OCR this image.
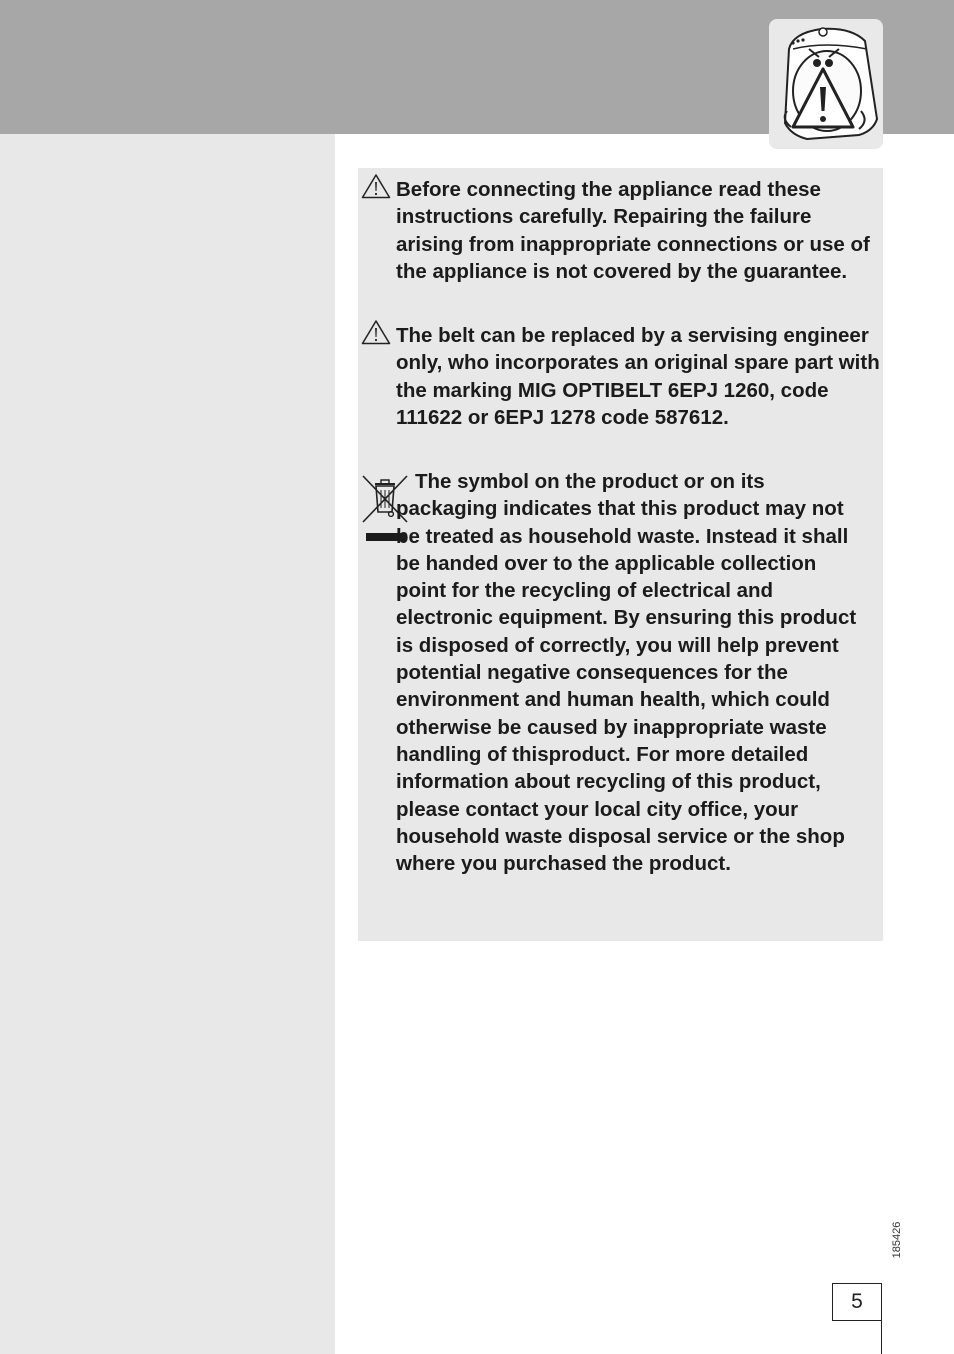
Before connecting the appliance read these instructions carefully. Repairing the failure arising from inappropriate connections or use of the appliance is not covered by the guarantee.

The belt can be replaced by a servising engineer only, who incorporates an original spare part with the marking MIG OPTIBELT 6EPJ 1260, code 111622 or 6EPJ 1278 code 587612.

The symbol on the product or on its packaging indicates that this product may not be treated as household waste. Instead it shall be handed over to the applicable collection point for the recycling of electrical and electronic equipment. By ensuring this product is disposed of correctly, you will help prevent potential negative consequences for the environment and human health, which could otherwise be caused by inappropriate waste handling of thisproduct. For more detailed information about recycling of this product, please contact your local city office, your household waste disposal service or the shop where you purchased the product.

185426
5
